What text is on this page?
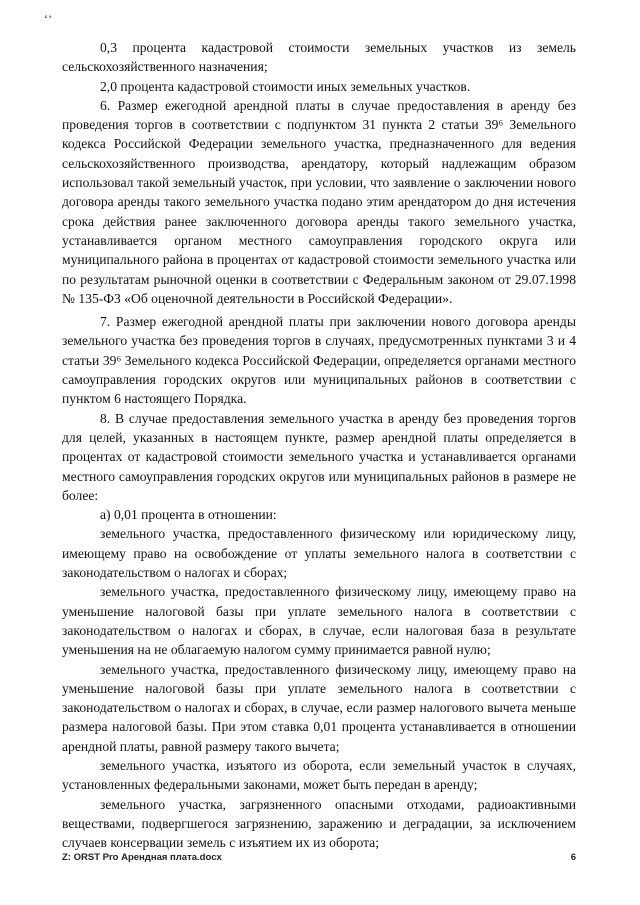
‘’

0,3 процента кадастровой стоимости земельных участков из земель сельскохозяйственного назначения;

2,0 процента кадастровой стоимости иных земельных участков.

6. Размер ежегодной арендной платы в случае предоставления в аренду без проведения торгов в соответствии с подпунктом 31 пункта 2 статьи 39⁶ Земельного кодекса Российской Федерации земельного участка, предназначенного для ведения сельскохозяйственного производства, арендатору, который надлежащим образом использовал такой земельный участок, при условии, что заявление о заключении нового договора аренды такого земельного участка подано этим арендатором до дня истечения срока действия ранее заключенного договора аренды такого земельного участка, устанавливается органом местного самоуправления городского округа или муниципального района в процентах от кадастровой стоимости земельного участка или по результатам рыночной оценки в соответствии с Федеральным законом от 29.07.1998 № 135-ФЗ «Об оценочной деятельности в Российской Федерации».

7. Размер ежегодной арендной платы при заключении нового договора аренды земельного участка без проведения торгов в случаях, предусмотренных пунктами 3 и 4 статьи 39⁶ Земельного кодекса Российской Федерации, определяется органами местного самоуправления городских округов или муниципальных районов в соответствии с пунктом 6 настоящего Порядка.

8. В случае предоставления земельного участка в аренду без проведения торгов для целей, указанных в настоящем пункте, размер арендной платы определяется в процентах от кадастровой стоимости земельного участка и устанавливается органами местного самоуправления городских округов или муниципальных районов в размере не более:

а) 0,01 процента в отношении:

земельного участка, предоставленного физическому или юридическому лицу, имеющему право на освобождение от уплаты земельного налога в соответствии с законодательством о налогах и сборах;

земельного участка, предоставленного физическому лицу, имеющему право на уменьшение налоговой базы при уплате земельного налога в соответствии с законодательством о налогах и сборах, в случае, если налоговая база в результате уменьшения на не облагаемую налогом сумму принимается равной нулю;

земельного участка, предоставленного физическому лицу, имеющему право на уменьшение налоговой базы при уплате земельного налога в соответствии с законодательством о налогах и сборах, в случае, если размер налогового вычета меньше размера налоговой базы. При этом ставка 0,01 процента устанавливается в отношении арендной платы, равной размеру такого вычета;

земельного участка, изъятого из оборота, если земельный участок в случаях, установленных федеральными законами, может быть передан в аренду;

земельного участка, загрязненного опасными отходами, радиоактивными веществами, подвергшегося загрязнению, заражению и деградации, за исключением случаев консервации земель с изъятием их из оборота;

Z: ORST Pro Арендная плата.docx	6
